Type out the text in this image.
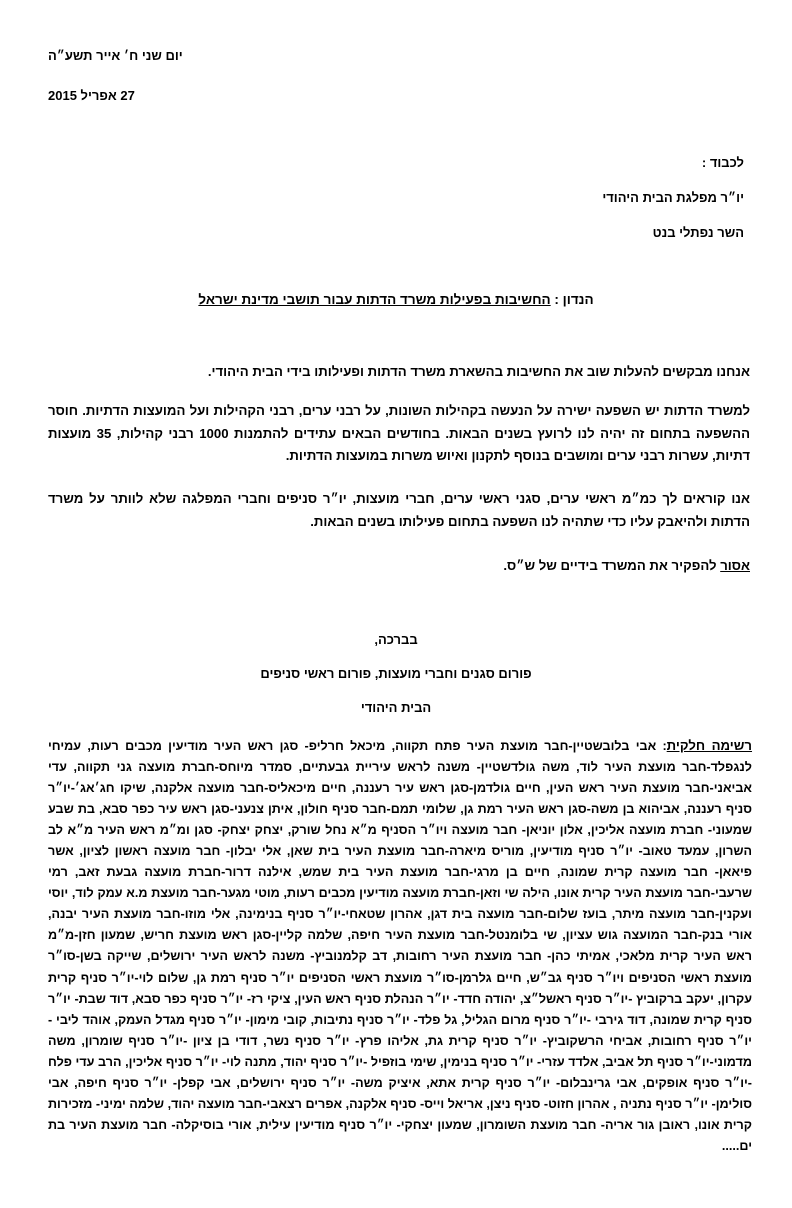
יום שני ח׳ אייר תשע״ה
27 אפריל 2015
לכבוד :
יו״ר מפלגת הבית היהודי
השר נפתלי בנט
הנדון : החשיבות בפעילות משרד הדתות עבור תושבי מדינת ישראל
אנחנו מבקשים להעלות שוב את החשיבות בהשארת משרד הדתות ופעילותו בידי הבית היהודי.
למשרד הדתות יש השפעה ישירה על הנעשה בקהילות השונות, על רבני ערים, רבני הקהילות ועל המועצות הדתיות. חוסר ההשפעה בתחום זה יהיה לנו לרועץ בשנים הבאות. בחודשים הבאים עתידים להתמנות 1000 רבני קהילות, 35 מועצות דתיות, עשרות רבני ערים ומושבים בנוסף לתקנון ואיוש משרות במועצות הדתיות.
אנו קוראים לך כמ״מ ראשי ערים, סגני ראשי ערים, חברי מועצות, יו״ר סניפים וחברי המפלגה שלא לוותר על משרד הדתות ולהיאבק עליו כדי שתהיה לנו השפעה בתחום פעילותו בשנים הבאות.
אסור להפקיר את המשרד בידיים של ש״ס.
בברכה,
פורום סגנים וחברי מועצות, פורום ראשי סניפים
הבית היהודי
רשימה חלקית: אבי בלובשטיין-חבר מועצת העיר פתח תקווה, מיכאל חרליפ- סגן ראש העיר מודיעין מכבים רעות, עמיחי לנגפלד-חבר מועצת העיר לוד, משה גולדשטיין- משנה לראש עיריית גבעתיים, סמדר מיוחס-חברת מועצה גני תקווה, עדי אביאני-חבר מועצת העיר ראש העין, חיים גולדמן-סגן ראש עיר רעננה, חיים מיכאליס-חבר מועצה אלקנה, שיקו חג׳אג׳-יו״ר סניף רעננה, אביהוא בן משה-סגן ראש העיר רמת גן, שלומי תמם-חבר סניף חולון, איתן צנעני-סגן ראש עיר כפר סבא, בת שבע שמעוני- חברת מועצה אליכין, אלון יוניאן- חבר מועצה ויו״ר הסניף מ״א נחל שורק, יצחק יצחק- סגן ומ״מ ראש העיר מ״א לב השרון, עמעד טאוב- יו״ר סניף מודיעין, מוריס מיארה-חבר מועצת העיר בית שאן, אלי יבלון- חבר מועצה ראשון לציון, אשר פיאאן- חבר מועצה קרית שמונה, חיים בן מרגי-חבר מועצת העיר בית שמש, אילנה דרור-חברת מועצה גבעת זאב, רמי שרעבי-חבר מועצת העיר קרית אונו, הילה שי וזאן-חברת מועצה מודיעין מכבים רעות, מוטי מגער-חבר מועצת מ.א עמק לוד, יוסי ועקנין-חבר מועצה מיתר, בועז שלום-חבר מועצה בית דגן, אהרון שטאחי-יו״ר סניף בנימינה, אלי מוזו-חבר מועצת העיר יבנה, אורי בנק-חבר המועצה גוש עציון, שי בלומנטל-חבר מועצת העיר חיפה, שלמה קליין-סגן ראש מועצת חריש, שמעון חזן-מ״מ ראש העיר קרית מלאכי, אמיתי כהן- חבר מועצת העיר רחובות, דב קלמנוביץ- משנה לראש העיר ירושלים, שייקה בשן-סו״ר מועצת ראשי הסניפים ויו״ר סניף גב״ש, חיים גלרמן-סו״ר מועצת ראשי הסניפים יו״ר סניף רמת גן, שלום לוי-יו״ר סניף קרית עקרון, יעקב ברקוביץ -יו״ר סניף ראשל״צ, יהודה חדד- יו״ר הנהלת סניף ראש העין, ציקי רז- יו״ר סניף כפר סבא, דוד שבת- יו״ר סניף קרית שמונה, דוד גירבי -יו״ר סניף מרום הגליל, גל פלד- יו״ר סניף נתיבות, קובי מימון- יו״ר סניף מגדל העמק, אוהד ליבי -יו״ר סניף רחובות, אביחי הרשקוביץ- יו״ר סניף קרית גת, אליהו פרץ- יו״ר סניף נשר, דודי בן ציון -יו״ר סניף שומרון, משה מדמוני-יו״ר סניף תל אביב, אלדד עזרי- יו״ר סניף בנימין, שימי בוזפיל -יו״ר סניף יהוד, מתנה לוי- יו״ר סניף אליכין, הרב עדי פלח -יו״ר סניף אופקים, אבי גרינבלום- יו״ר סניף קרית אתא, איציק משה- יו״ר סניף ירושלים, אבי קפלן- יו״ר סניף חיפה, אבי סולימן- יו״ר סניף נתניה , אהרון חזוט- סניף ניצן, אריאל וייס- סניף אלקנה, אפרים רצאבי-חבר מועצה יהוד, שלמה ימיני- מזכירות קרית אונו, ראובן גור אריה- חבר מועצת השומרון, שמעון יצחקי- יו״ר סניף מודיעין עילית, אורי בוסיקלה- חבר מועצת העיר בת ים.....
